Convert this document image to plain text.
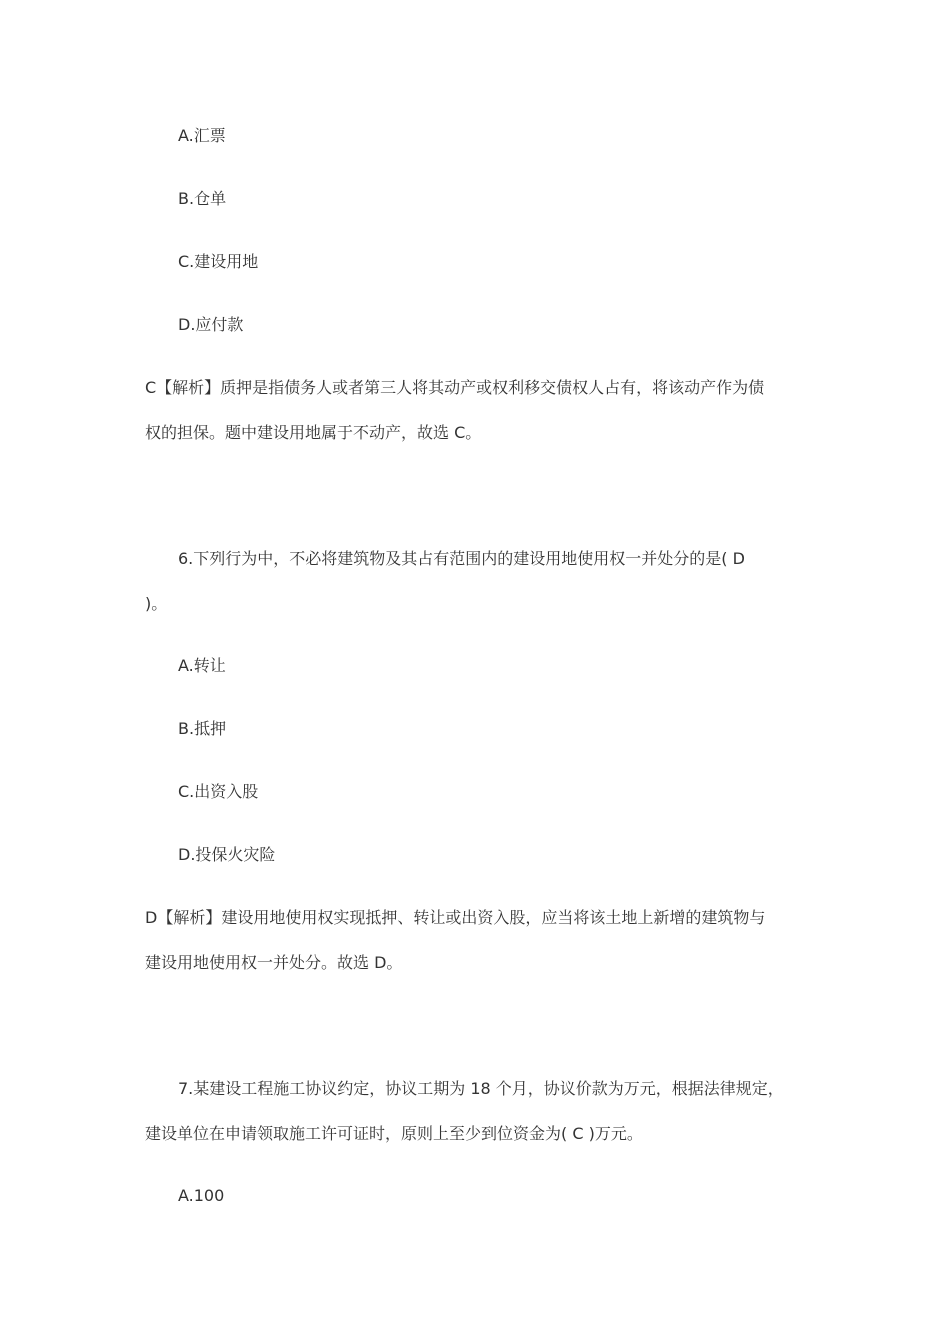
A.汇票
B.仓单
C.建设用地
D.应付款
C【解析】质押是指债务人或者第三人将其动产或权利移交债权人占有，将该动产作为债
权的担保。题中建设用地属于不动产，故选 C。
6.下列行为中，不必将建筑物及其占有范围内的建设用地使用权一并处分的是( D
)。
A.转让
B.抵押
C.出资入股
D.投保火灾险
D【解析】建设用地使用权实现抵押、转让或出资入股，应当将该土地上新增的建筑物与
建设用地使用权一并处分。故选 D。
7.某建设工程施工协议约定，协议工期为 18 个月，协议价款为万元，根据法律规定，
建设单位在申请领取施工许可证时，原则上至少到位资金为( C )万元。
A.100
